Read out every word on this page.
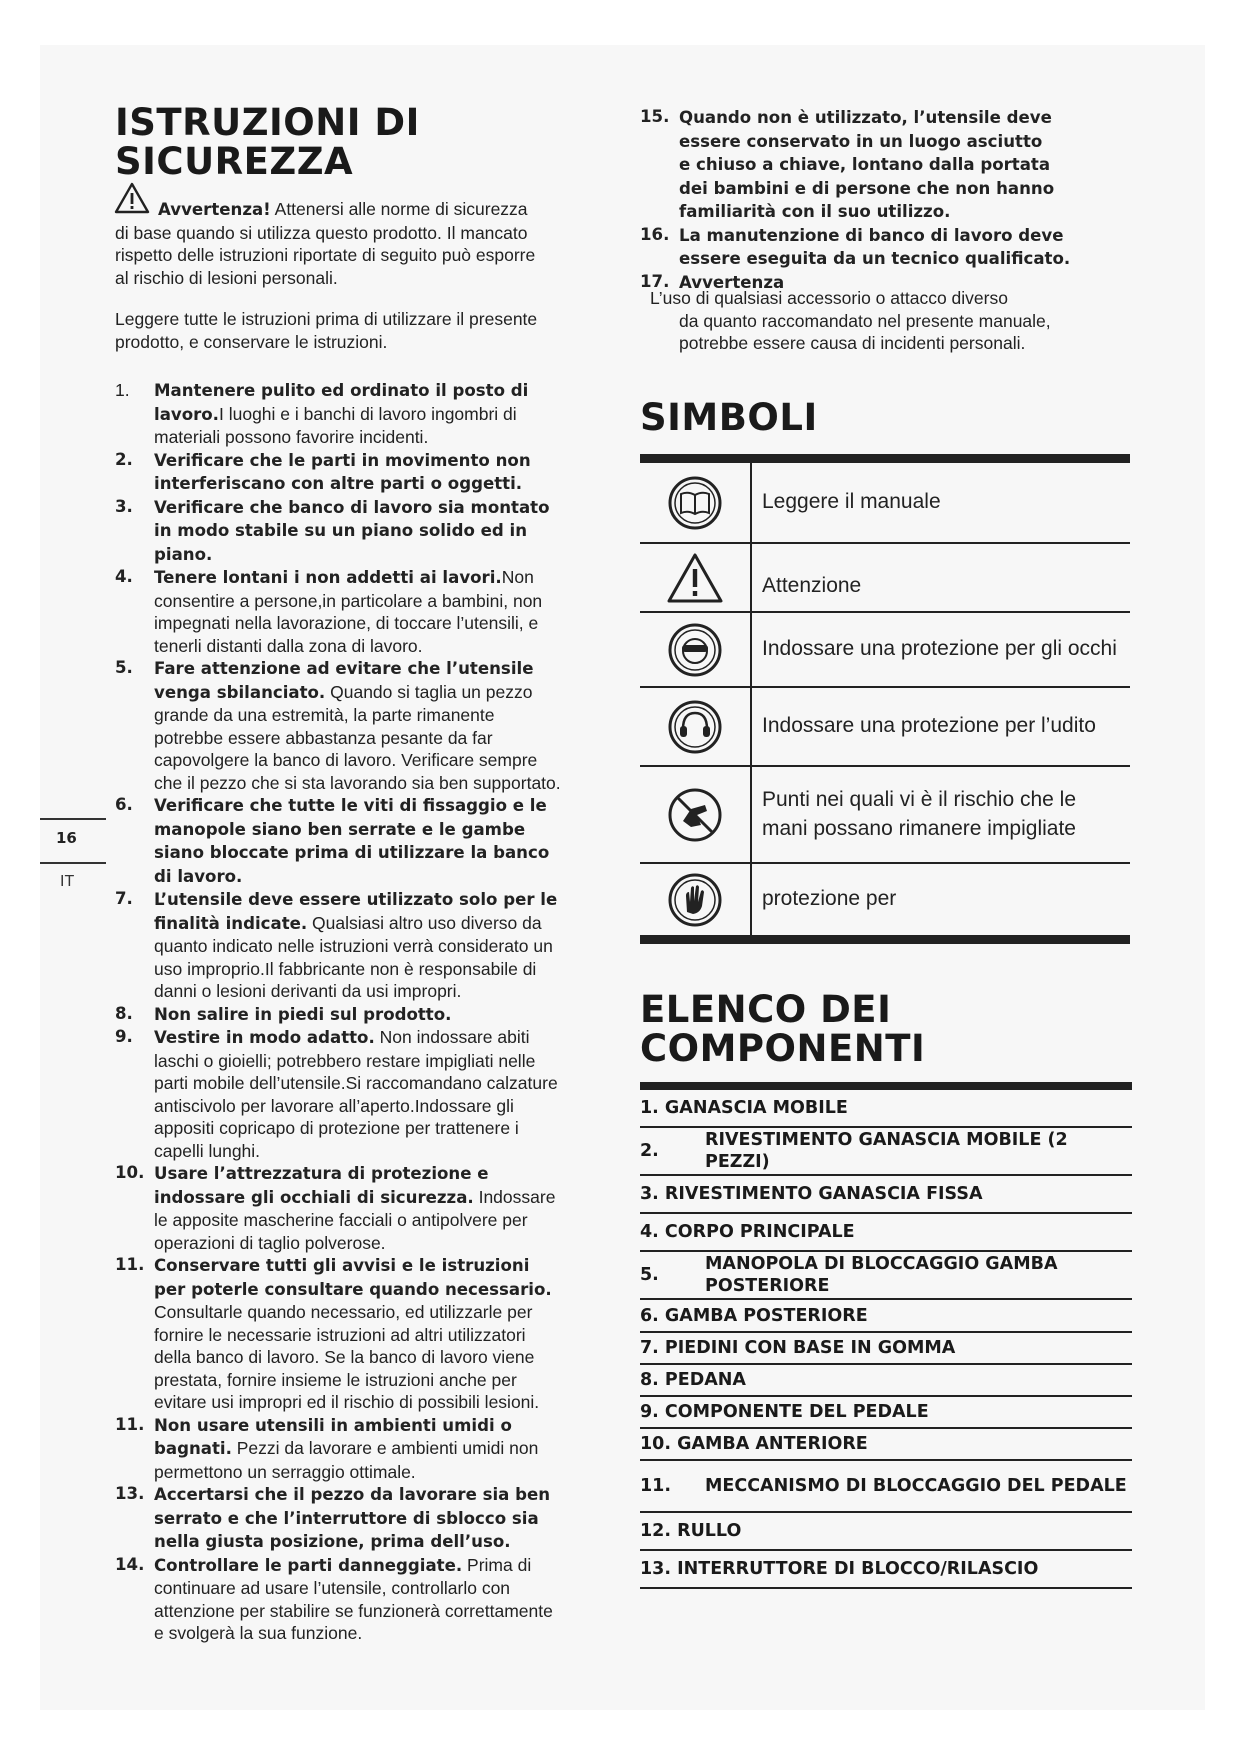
ISTRUZIONI DI
SICUREZZA
Avvertenza! Attenersi alle norme di sicurezza
di base quando si utilizza questo prodotto. Il mancato
rispetto delle istruzioni riportate di seguito può esporre
al rischio di lesioni personali.
Leggere tutte le istruzioni prima di utilizzare il presente
prodotto, e conservare le istruzioni.
1.	Mantenere pulito ed ordinato il posto di
lavoro.I luoghi e i banchi di lavoro ingombri di
materiali possono favorire incidenti.
2.	Verificare che le parti in movimento non
interferiscano con altre parti o oggetti.
3.	Verificare che banco di lavoro sia montato
in modo stabile su un piano solido ed in
piano.
4.	Tenere lontani i non addetti ai lavori.Non
consentire a persone,in particolare a bambini, non
impegnati nella lavorazione, di toccare l’utensili, e
tenerli distanti dalla zona di lavoro.
5.	Fare attenzione ad evitare che l’utensile
venga sbilanciato. Quando si taglia un pezzo
grande da una estremità, la parte rimanente
potrebbe essere abbastanza pesante da far
capovolgere la banco di lavoro. Verificare sempre
che il pezzo che si sta lavorando sia ben supportato.
6.	Verificare che tutte le viti di fissaggio e le
manopole siano ben serrate e le gambe
siano bloccate prima di utilizzare la banco
di lavoro.
7.	L’utensile deve essere utilizzato solo per le
finalità indicate. Qualsiasi altro uso diverso da
quanto indicato nelle istruzioni verrà considerato un
uso improprio.Il fabbricante non è responsabile di
danni o lesioni derivanti da usi impropri.
8.	Non salire in piedi sul prodotto.
9.	Vestire in modo adatto. Non indossare abiti
laschi o gioielli; potrebbero restare impigliati nelle
parti mobile dell’utensile.Si raccomandano calzature
antiscivolo per lavorare all’aperto.Indossare gli
appositi copricapo di protezione per trattenere i
capelli lunghi.
10. Usare l’attrezzatura di protezione e
indossare gli occhiali di sicurezza. Indossare
le apposite mascherine facciali o antipolvere per
operazioni di taglio polverose.
11. Conservare tutti gli avvisi e le istruzioni
per poterle consultare quando necessario.
Consultarle quando necessario, ed utilizzarle per
fornire le necessarie istruzioni ad altri utilizzatori
della banco di lavoro. Se la banco di lavoro viene
prestata, fornire insieme le istruzioni anche per
evitare usi impropri ed il rischio di possibili lesioni.
11. Non usare utensili in ambienti umidi o
bagnati. Pezzi da lavorare e ambienti umidi non
permettono un serraggio ottimale.
13. Accertarsi che il pezzo da lavorare sia ben
serrato e che l’interruttore di sblocco sia
nella giusta posizione, prima dell’uso.
14. Controllare le parti danneggiate. Prima di
continuare ad usare l’utensile, controllarlo con
attenzione per stabilire se funzionerà correttamente
e svolgerà la sua funzione.
16
IT
15. Quando non è utilizzato, l’utensile deve
essere conservato in un luogo asciutto
e chiuso a chiave, lontano dalla portata
dei bambini e di persone che non hanno
familiarità con il suo utilizzo.
16. La manutenzione di banco di lavoro deve
essere eseguita da un tecnico qualificato.
17. Avvertenza
L’uso di qualsiasi accessorio o attacco diverso
da quanto raccomandato nel presente manuale,
potrebbe essere causa di incidenti personali.
SIMBOLI
Leggere il manuale
Attenzione
Indossare una protezione per gli occhi
Indossare una protezione per l’udito
Punti nei quali vi è il rischio che le mani possano rimanere impigliate
protezione per
ELENCO DEI
COMPONENTI
1. GANASCIA MOBILE
2.
RIVESTIMENTO GANASCIA MOBILE (2 PEZZI)
3. RIVESTIMENTO GANASCIA FISSA
4. CORPO PRINCIPALE
5.
MANOPOLA DI BLOCCAGGIO GAMBA POSTERIORE
6. GAMBA POSTERIORE
7. PIEDINI CON BASE IN GOMMA
8. PEDANA
9. COMPONENTE DEL PEDALE
10. GAMBA ANTERIORE
11.	MECCANISMO DI BLOCCAGGIO DEL PEDALE
12. RULLO
13. INTERRUTTORE DI BLOCCO/RILASCIO
